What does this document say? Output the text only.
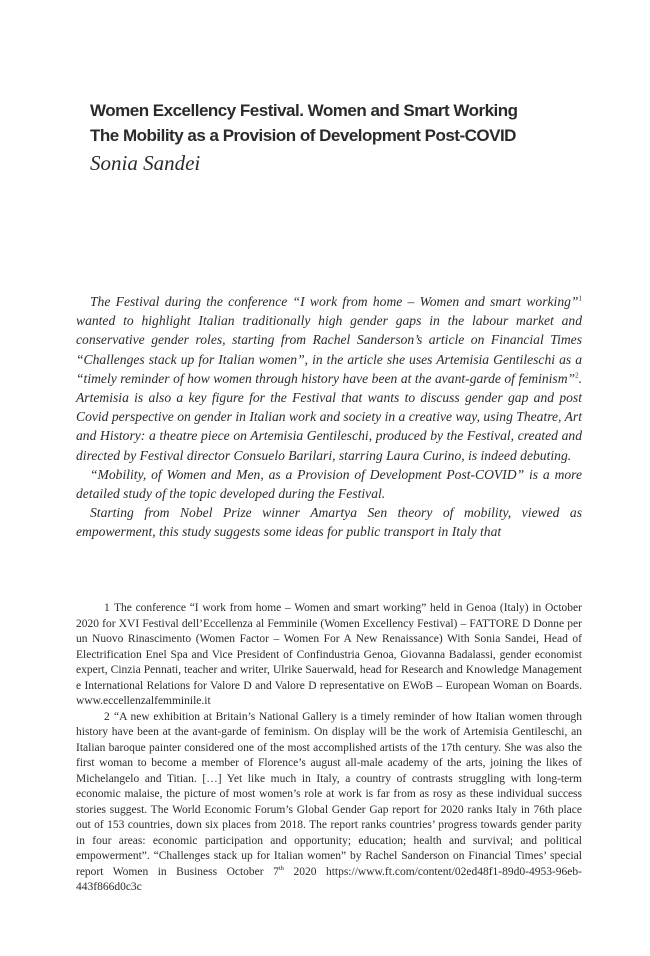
Women Excellency Festival. Women and Smart Working

The Mobility as a Provision of Development Post-COVID

Sonia Sandei

The Festival during the conference “I work from home – Women and smart working”$^1$ wanted to highlight Italian traditionally high gender gaps in the labour market and conservative gender roles, starting from Rachel Sanderson’s article on Financial Times “Challenges stack up for Italian women”, in the article she uses Artemisia Gentileschi as a “timely reminder of how women through history have been at the avant-garde of feminism”$^2$. Artemisia is also a key figure for the Festival that wants to discuss gender gap and post Covid perspective on gender in Italian work and society in a creative way, using Theatre, Art and History: a theatre piece on Artemisia Gentileschi, produced by the Festival, created and directed by Festival director Consuelo Barilari, starring Laura Curino, is indeed debuting.

“Mobility, of Women and Men, as a Provision of Development Post-COVID” is a more detailed study of the topic developed during the Festival.

Starting from Nobel Prize winner Amartya Sen theory of mobility, viewed as empowerment, this study suggests some ideas for public transport in Italy that

1 The conference “I work from home – Women and smart working” held in Genoa (Italy) in October 2020 for XVI Festival dell’Eccellenza al Femminile (Women Excellency Festival) – FATTORE D Donne per un Nuovo Rinascimento (Women Factor – Women For A New Renaissance) With Sonia Sandei, Head of Electrification Enel Spa and Vice President of Confindustria Genoa, Giovanna Badalassi, gender economist expert, Cinzia Pennati, teacher and writer, Ulrike Sauerwald, head for Research and Knowledge Management e International Relations for Valore D and Valore D representative on EWoB – European Woman on Boards. www.eccellenzalfemminile.it

2 “A new exhibition at Britain’s National Gallery is a timely reminder of how Italian women through history have been at the avant-garde of feminism. On display will be the work of Artemisia Gentileschi, an Italian baroque painter considered one of the most accomplished artists of the 17th century. She was also the first woman to become a member of Florence’s august all-male academy of the arts, joining the likes of Michelangelo and Titian. […] Yet like much in Italy, a country of contrasts struggling with long-term economic malaise, the picture of most women’s role at work is far from as rosy as these individual success stories suggest. The World Economic Forum’s Global Gender Gap report for 2020 ranks Italy in 76th place out of 153 countries, down six places from 2018. The report ranks countries’ progress towards gender parity in four areas: economic participation and opportunity; education; health and survival; and political empowerment”. “Challenges stack up for Italian women” by Rachel Sanderson on Financial Times’ special report Women in Business October 7th 2020 https://www.ft.com/content/02ed48f1-89d0-4953-96eb-443f866d0c3c
